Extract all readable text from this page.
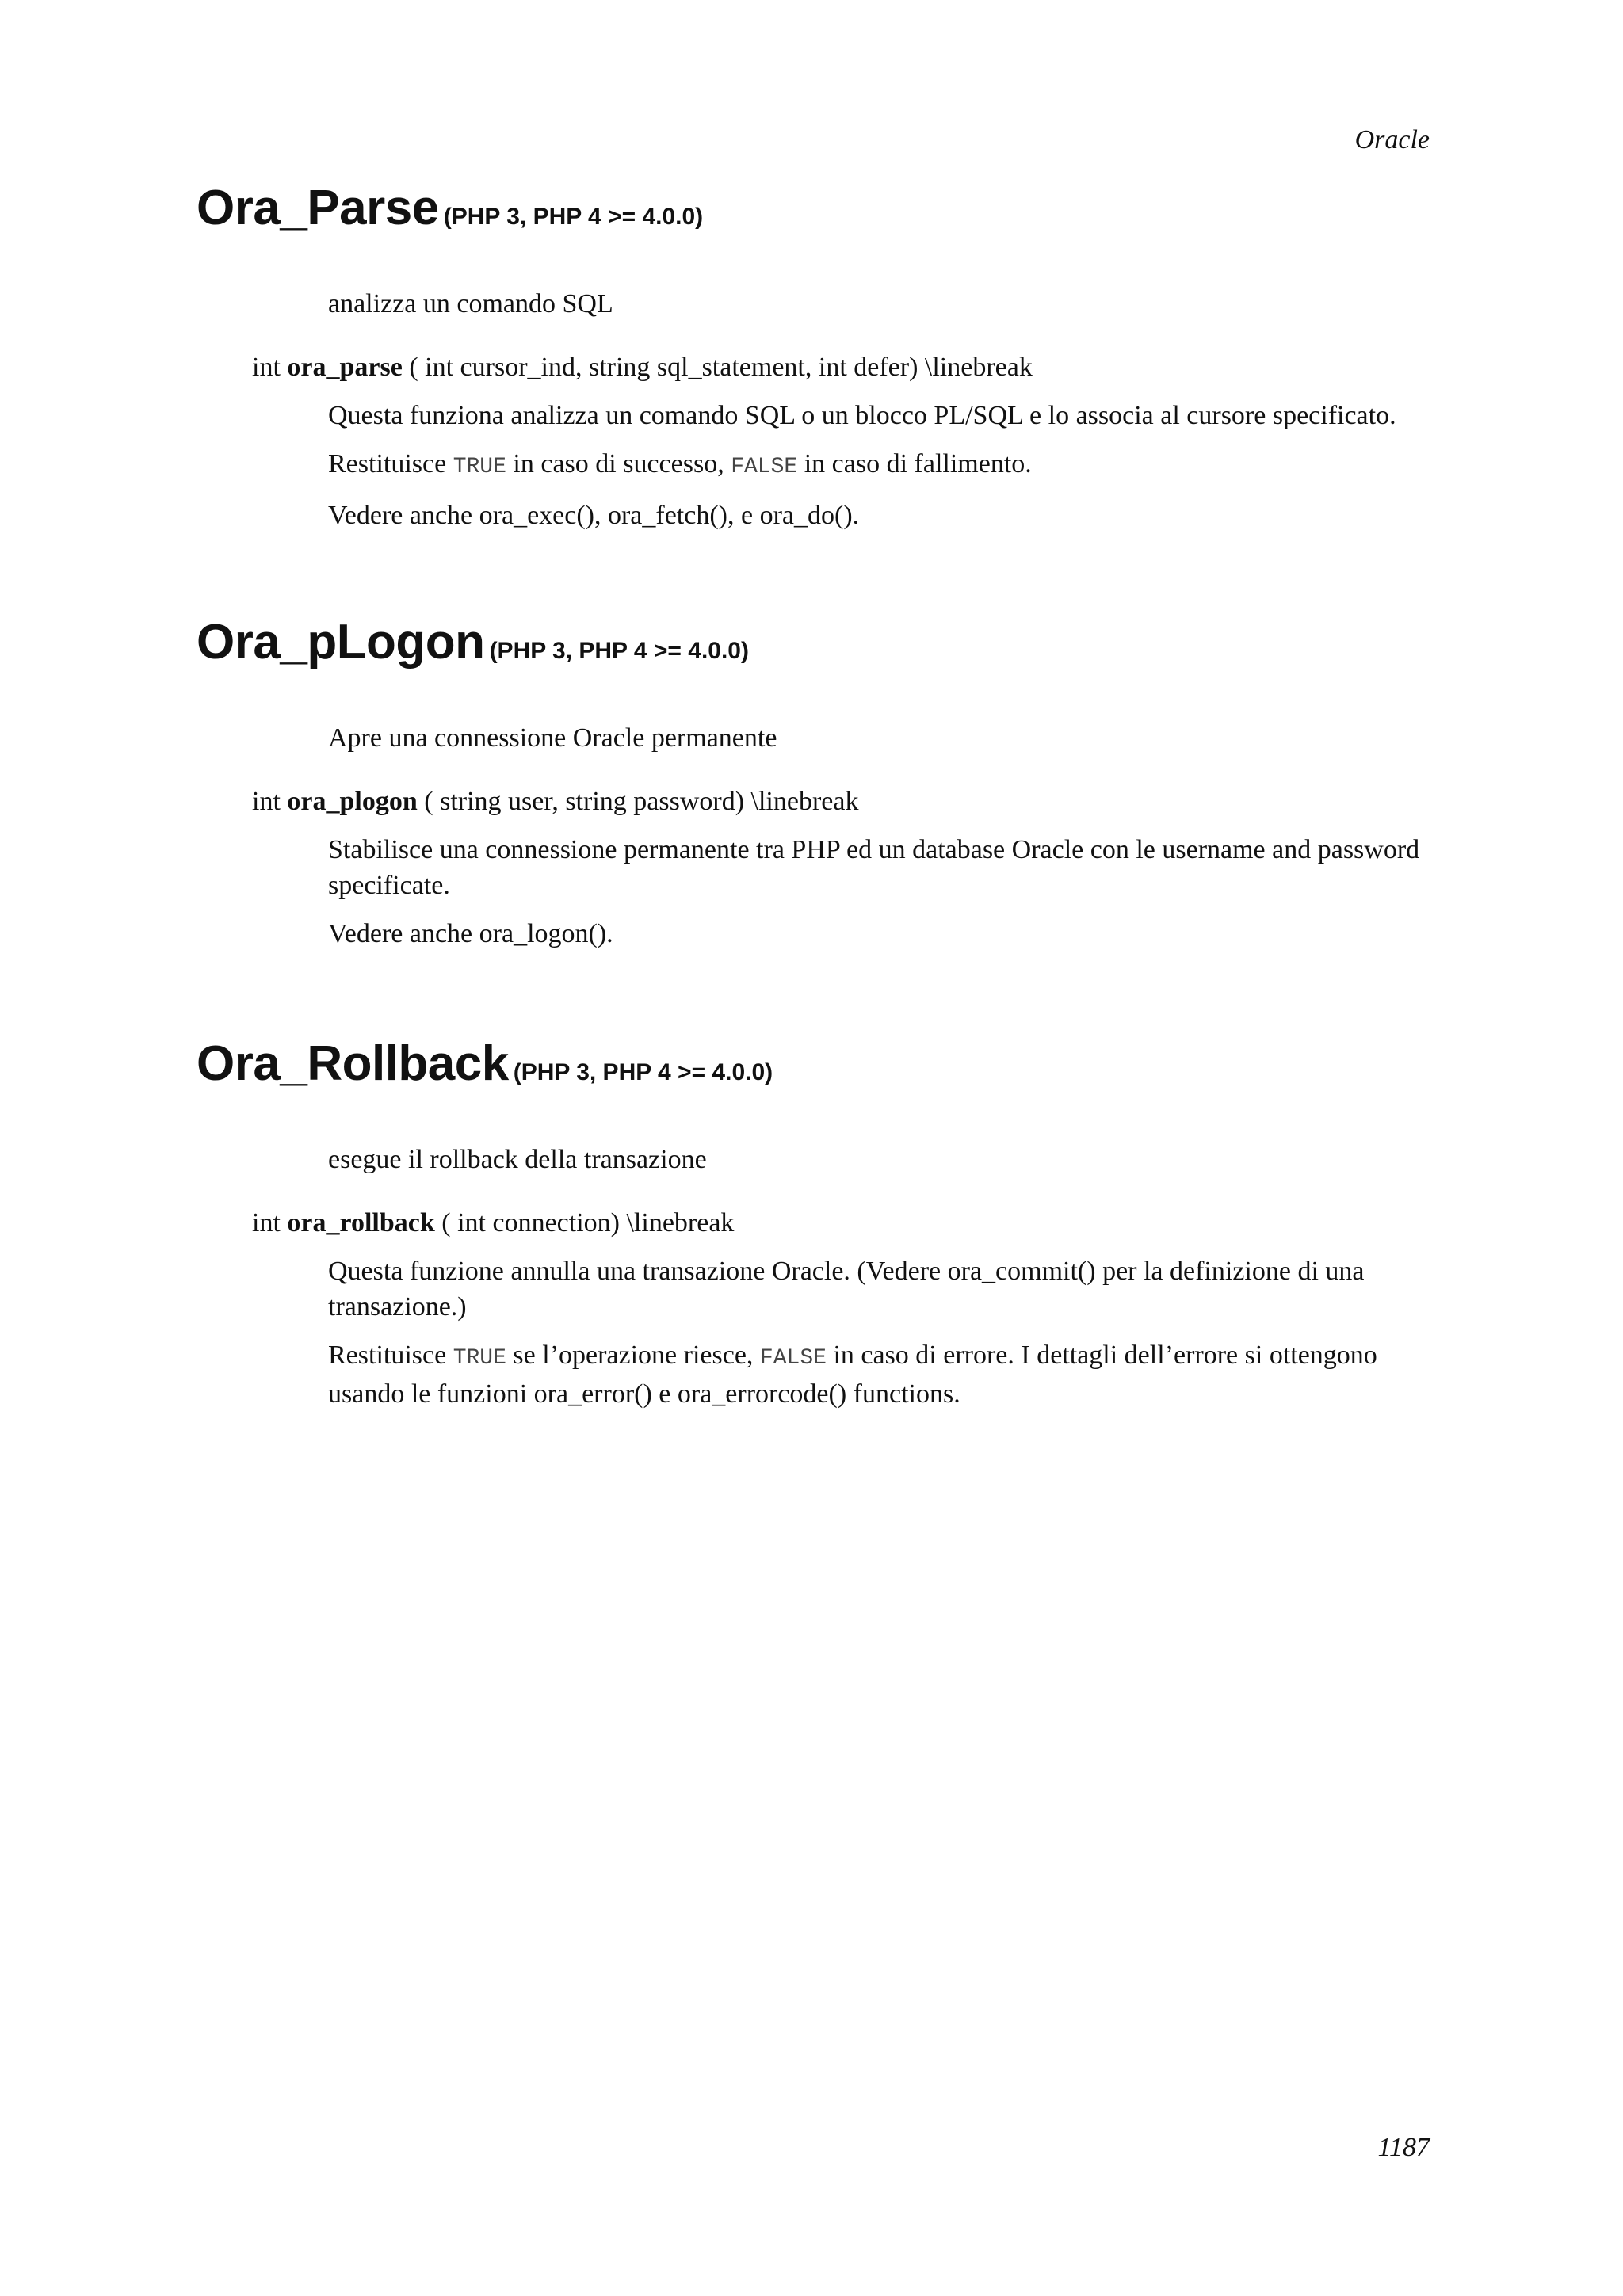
Oracle
Ora_Parse (PHP 3, PHP 4 >= 4.0.0)
analizza un comando SQL
int ora_parse ( int cursor_ind, string sql_statement, int defer) \linebreak

Questa funziona analizza un comando SQL o un blocco PL/SQL e lo associa al cursore specificato.

Restituisce TRUE in caso di successo, FALSE in caso di fallimento.

Vedere anche ora_exec(), ora_fetch(), e ora_do().

Ora_pLogon (PHP 3, PHP 4 >= 4.0.0)
Apre una connessione Oracle permanente
int ora_plogon ( string user, string password) \linebreak

Stabilisce una connessione permanente tra PHP ed un database Oracle con le username and password specificate.

Vedere anche ora_logon().

Ora_Rollback (PHP 3, PHP 4 >= 4.0.0)
esegue il rollback della transazione
int ora_rollback ( int connection) \linebreak

Questa funzione annulla una transazione Oracle. (Vedere ora_commit() per la definizione di una transazione.)

Restituisce TRUE se l’operazione riesce, FALSE in caso di errore. I dettagli dell’errore si ottengono usando le funzioni ora_error() e ora_errorcode() functions.

1187
